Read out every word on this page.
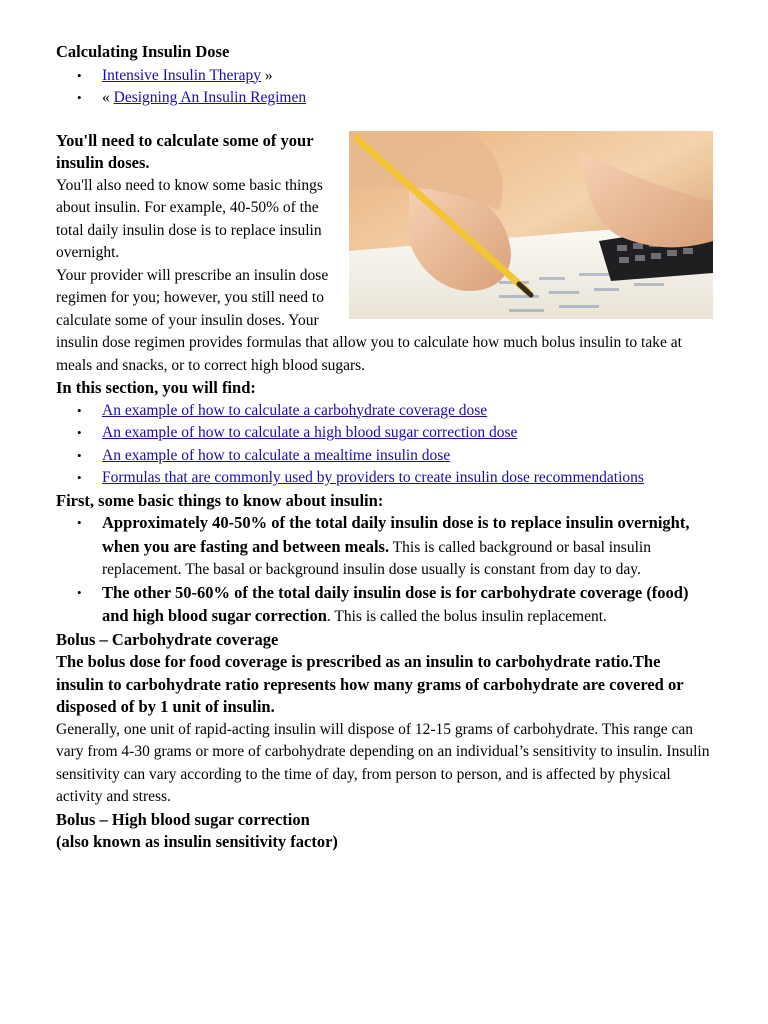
Calculating Insulin Dose
• Intensive Insulin Therapy »
• « Designing An Insulin Regimen
You'll need to calculate some of your insulin doses.

You'll also need to know some basic things about insulin. For example, 40-50% of the total daily insulin dose is to replace insulin overnight.

Your provider will prescribe an insulin dose regimen for you; however, you still need to calculate some of your insulin doses. Your insulin dose regimen provides formulas that allow you to calculate how much bolus insulin to take at meals and snacks, or to correct high blood sugars.

In this section, you will find:
• An example of how to calculate a carbohydrate coverage dose
• An example of how to calculate a high blood sugar correction dose
• An example of how to calculate a mealtime insulin dose
• Formulas that are commonly used by providers to create insulin dose recommendations
First, some basic things to know about insulin:
• Approximately 40-50% of the total daily insulin dose is to replace insulin overnight, when you are fasting and between meals. This is called background or basal insulin replacement. The basal or background insulin dose usually is constant from day to day.
• The other 50-60% of the total daily insulin dose is for carbohydrate coverage (food) and high blood sugar correction. This is called the bolus insulin replacement.
Bolus – Carbohydrate coverage

The bolus dose for food coverage is prescribed as an insulin to carbohydrate ratio.The insulin to carbohydrate ratio represents how many grams of carbohydrate are covered or disposed of by 1 unit of insulin.

Generally, one unit of rapid-acting insulin will dispose of 12-15 grams of carbohydrate. This range can vary from 4-30 grams or more of carbohydrate depending on an individual’s sensitivity to insulin. Insulin sensitivity can vary according to the time of day, from person to person, and is affected by physical activity and stress.

Bolus – High blood sugar correction
(also known as insulin sensitivity factor)
